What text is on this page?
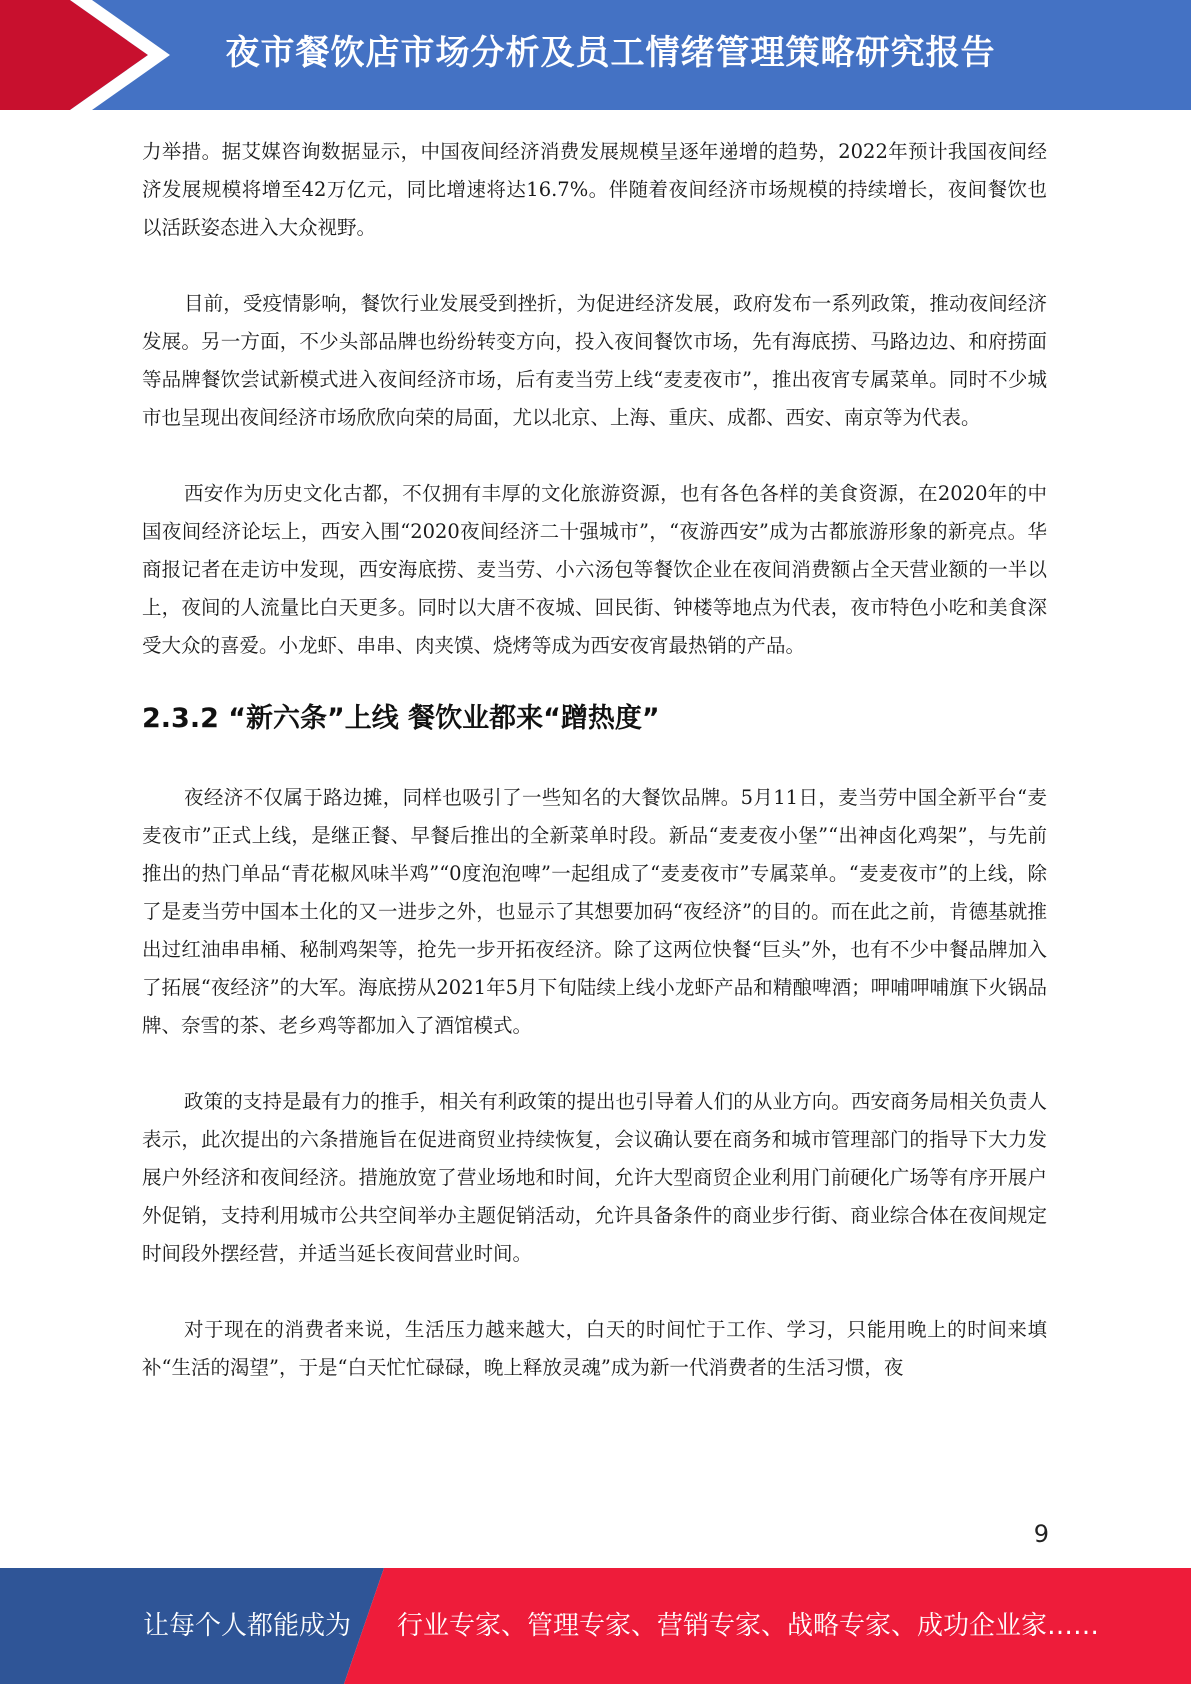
夜市餐饮店市场分析及员工情绪管理策略研究报告

力举措。据艾媒咨询数据显示，中国夜间经济消费发展规模呈逐年递增的趋势，2022年预计我国夜间经济发展规模将增至42万亿元，同比增速将达16.7%。伴随着夜间经济市场规模的持续增长，夜间餐饮也以活跃姿态进入大众视野。

目前，受疫情影响，餐饮行业发展受到挫折，为促进经济发展，政府发布一系列政策，推动夜间经济发展。另一方面，不少头部品牌也纷纷转变方向，投入夜间餐饮市场，先有海底捞、马路边边、和府捞面等品牌餐饮尝试新模式进入夜间经济市场，后有麦当劳上线“麦麦夜市”，推出夜宵专属菜单。同时不少城市也呈现出夜间经济市场欣欣向荣的局面，尤以北京、上海、重庆、成都、西安、南京等为代表。

西安作为历史文化古都，不仅拥有丰厚的文化旅游资源，也有各色各样的美食资源，在2020年的中国夜间经济论坛上，西安入围“2020夜间经济二十强城市”，“夜游西安”成为古都旅游形象的新亮点。华商报记者在走访中发现，西安海底捞、麦当劳、小六汤包等餐饮企业在夜间消费额占全天营业额的一半以上，夜间的人流量比白天更多。同时以大唐不夜城、回民街、钟楼等地点为代表，夜市特色小吃和美食深受大众的喜爱。小龙虾、串串、肉夹馍、烧烤等成为西安夜宵最热销的产品。

2.3.2 “新六条”上线 餐饮业都来“蹭热度”

夜经济不仅属于路边摊，同样也吸引了一些知名的大餐饮品牌。5月11日，麦当劳中国全新平台“麦麦夜市”正式上线，是继正餐、早餐后推出的全新菜单时段。新品“麦麦夜小堡”“出神卤化鸡架”，与先前推出的热门单品“青花椒风味半鸡”“0度泡泡啤”一起组成了“麦麦夜市”专属菜单。“麦麦夜市”的上线，除了是麦当劳中国本土化的又一进步之外，也显示了其想要加码“夜经济”的目的。而在此之前，肯德基就推出过红油串串桶、秘制鸡架等，抢先一步开拓夜经济。除了这两位快餐“巨头”外，也有不少中餐品牌加入了拓展“夜经济”的大军。海底捞从2021年5月下旬陆续上线小龙虾产品和精酿啤酒；呷哺呷哺旗下火锅品牌、奈雪的茶、老乡鸡等都加入了酒馆模式。

政策的支持是最有力的推手，相关有利政策的提出也引导着人们的从业方向。西安商务局相关负责人表示，此次提出的六条措施旨在促进商贸业持续恢复，会议确认要在商务和城市管理部门的指导下大力发展户外经济和夜间经济。措施放宽了营业场地和时间，允许大型商贸企业利用门前硬化广场等有序开展户外促销，支持利用城市公共空间举办主题促销活动，允许具备条件的商业步行街、商业综合体在夜间规定时间段外摆经营，并适当延长夜间营业时间。

对于现在的消费者来说，生活压力越来越大，白天的时间忙于工作、学习，只能用晚上的时间来填补“生活的渴望”，于是“白天忙忙碌碌，晚上释放灵魂”成为新一代消费者的生活习惯，夜

9
让每个人都能成为 行业专家、管理专家、营销专家、战略专家、成功企业家……
